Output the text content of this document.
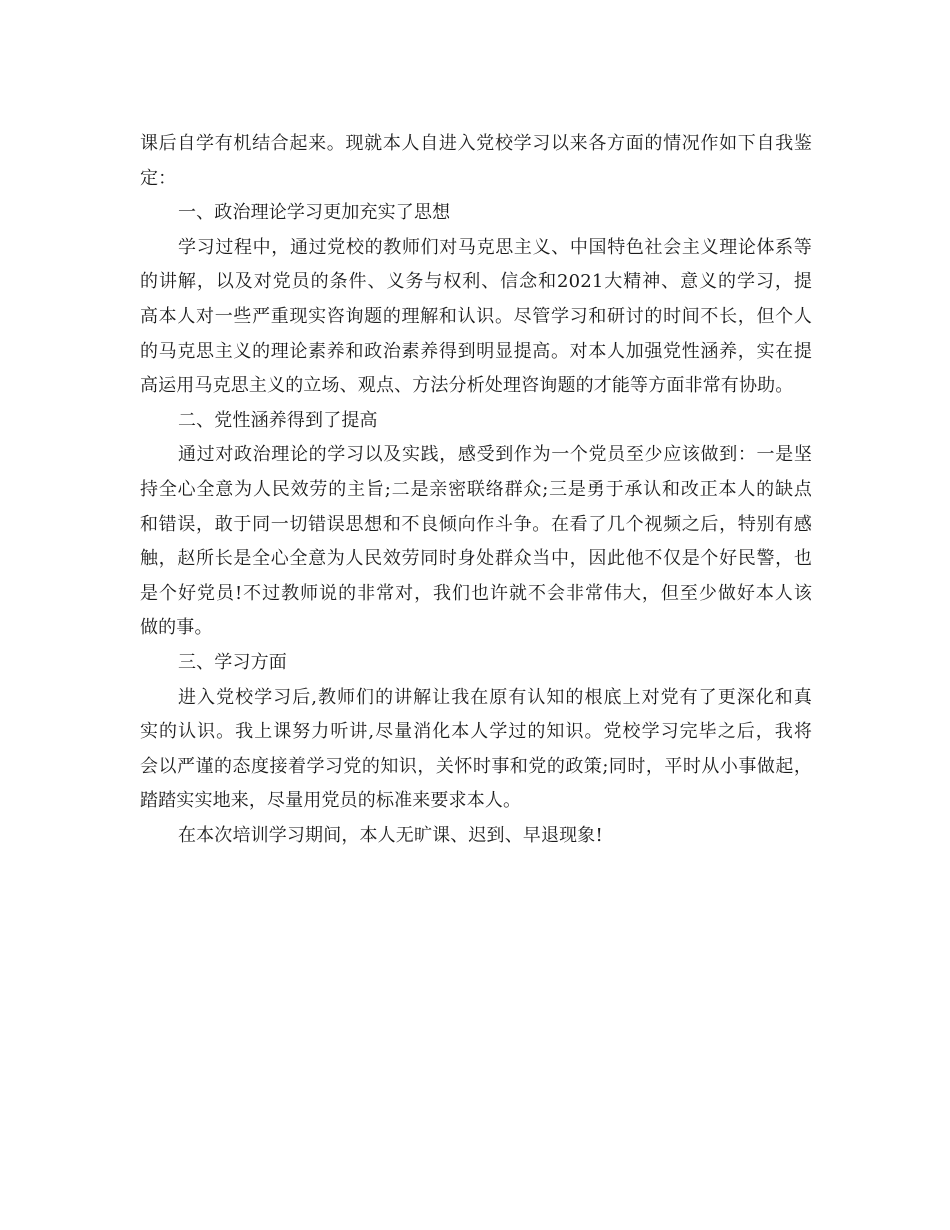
课后自学有机结合起来。现就本人自进入党校学习以来各方面的情况作如下自我鉴
定：
一、政治理论学习更加充实了思想
学习过程中，通过党校的教师们对马克思主义、中国特色社会主义理论体系等
的讲解，以及对党员的条件、义务与权利、信念和2021大精神、意义的学习，提
高本人对一些严重现实咨询题的理解和认识。尽管学习和研讨的时间不长，但个人
的马克思主义的理论素养和政治素养得到明显提高。对本人加强党性涵养，实在提
高运用马克思主义的立场、观点、方法分析处理咨询题的才能等方面非常有协助。
二、党性涵养得到了提高
通过对政治理论的学习以及实践，感受到作为一个党员至少应该做到：一是坚
持全心全意为人民效劳的主旨;二是亲密联络群众;三是勇于承认和改正本人的缺点
和错误，敢于同一切错误思想和不良倾向作斗争。在看了几个视频之后，特别有感
触，赵所长是全心全意为人民效劳同时身处群众当中，因此他不仅是个好民警，也
是个好党员!不过教师说的非常对，我们也许就不会非常伟大，但至少做好本人该
做的事。
三、学习方面
进入党校学习后,教师们的讲解让我在原有认知的根底上对党有了更深化和真
实的认识。我上课努力听讲,尽量消化本人学过的知识。党校学习完毕之后，我将
会以严谨的态度接着学习党的知识，关怀时事和党的政策;同时，平时从小事做起，
踏踏实实地来，尽量用党员的标准来要求本人。
在本次培训学习期间，本人无旷课、迟到、早退现象!
